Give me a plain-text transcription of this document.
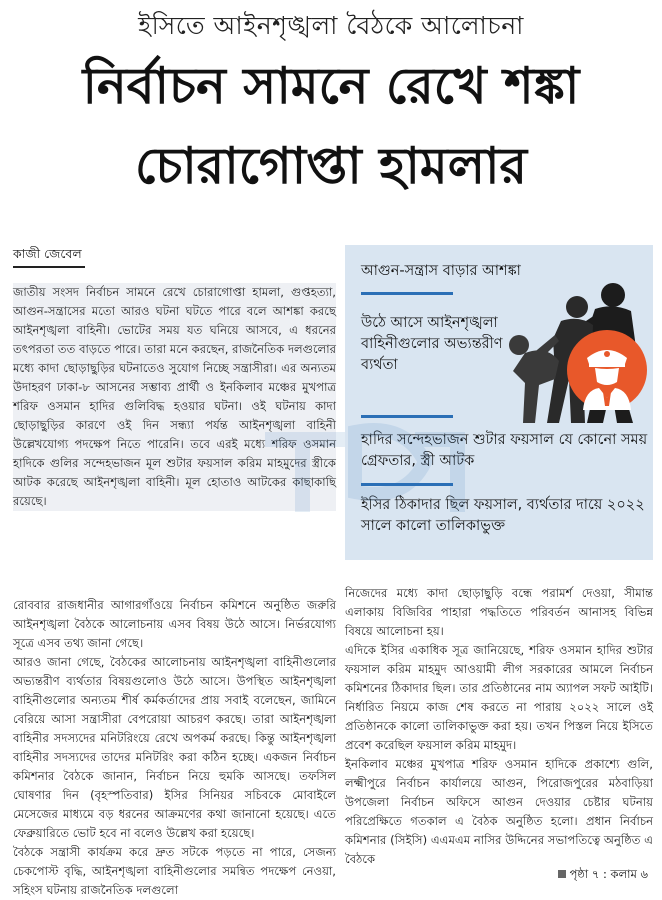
ইসিতে আইনশৃঙ্খলা বৈঠকে আলোচনা
নির্বাচন সামনে রেখে শঙ্কা
চোরাগোপ্তা হামলার
কাজী জেবেল

জাতীয় সংসদ নির্বাচন সামনে রেখে চোরাগোপ্তা হামলা, গুপ্তহত্যা, আগুন-সন্ত্রাসের মতো আরও ঘটনা ঘটতে পারে বলে আশঙ্কা করছে আইনশৃঙ্খলা বাহিনী। ভোটের সময় যত ঘনিয়ে আসবে, এ ধরনের তৎপরতা তত বাড়তে পারে। তারা মনে করছেন, রাজনৈতিক দলগুলোর মধ্যে কাদা ছোড়াছুড়ির ঘটনাতেও সুযোগ নিচ্ছে সন্ত্রাসীরা। এর অন্যতম উদাহরণ ঢাকা-৮ আসনের সম্ভাব্য প্রার্থী ও ইনকিলাব মঞ্চের মুখপাত্র শরিফ ওসমান হাদির গুলিবিদ্ধ হওয়ার ঘটনা। ওই ঘটনায় কাদা ছোড়াছুড়ির কারণে ওই দিন সন্ধ্যা পর্যন্ত আইনশৃঙ্খলা বাহিনী উল্লেখযোগ্য পদক্ষেপ নিতে পারেনি। তবে এরই মধ্যে শরিফ ওসমান হাদিকে গুলির সন্দেহভাজন মূল শুটার ফয়সাল করিম মাহমুদের স্ত্রীকে আটক করেছে আইনশৃঙ্খলা বাহিনী। মূল হোতাও আটকের কাছাকাছি রয়েছে।

রোববার রাজধানীর আগারগাঁওয়ে নির্বাচন কমিশনে অনুষ্ঠিত জরুরি আইনশৃঙ্খলা বৈঠকে আলোচনায় এসব বিষয় উঠে আসে। নির্ভরযোগ্য সূত্রে এসব তথ্য জানা গেছে।

আরও জানা গেছে, বৈঠকের আলোচনায় আইনশৃঙ্খলা বাহিনীগুলোর অভ্যন্তরীণ ব্যর্থতার বিষয়গুলোও উঠে আসে। উপস্থিত আইনশৃঙ্খলা বাহিনীগুলোর অন্যতম শীর্ষ কর্মকর্তাদের প্রায় সবাই বলেছেন, জামিনে বেরিয়ে আসা সন্ত্রাসীরা বেপরোয়া আচরণ করছে। তারা আইনশৃঙ্খলা বাহিনীর সদস্যদের মনিটরিংয়ে রেখে অপকর্ম করছে। কিন্তু আইনশৃঙ্খলা বাহিনীর সদস্যদের তাদের মনিটরিং করা কঠিন হচ্ছে। একজন নির্বাচন কমিশনার বৈঠকে জানান, নির্বাচন নিয়ে হুমকি আসছে। তফসিল ঘোষণার দিন (বৃহস্পতিবার) ইসির সিনিয়র সচিবকে মোবাইলে মেসেজের মাধ্যমে বড় ধরনের আক্রমণের কথা জানানো হয়েছে। এতে ফেব্রুয়ারিতে ভোট হবে না বলেও উল্লেখ করা হয়েছে।

বৈঠকে সন্ত্রাসী কার্যক্রম করে দ্রুত সটকে পড়তে না পারে, সেজন্য চেকপোস্ট বৃদ্ধি, আইনশৃঙ্খলা বাহিনীগুলোর সমন্বিত পদক্ষেপ নেওয়া, সহিংস ঘটনায় রাজনৈতিক দলগুলো

নিজেদের মধ্যে কাদা ছোড়াছুড়ি বন্ধে পরামর্শ দেওয়া, সীমান্ত এলাকায় বিজিবির পাহারা পদ্ধতিতে পরিবর্তন আনাসহ বিভিন্ন বিষয়ে আলোচনা হয়।

এদিকে ইসির একাধিক সূত্র জানিয়েছে, শরিফ ওসমান হাদির শুটার ফয়সাল করিম মাহমুদ আওয়ামী লীগ সরকারের আমলে নির্বাচন কমিশনের ঠিকাদার ছিল। তার প্রতিষ্ঠানের নাম অ্যাপল সফট আইটি। নির্ধারিত নিয়মে কাজ শেষ করতে না পারায় ২০২২ সালে ওই প্রতিষ্ঠানকে কালো তালিকাভুক্ত করা হয়। তখন পিস্তল নিয়ে ইসিতে প্রবেশ করেছিল ফয়সাল করিম মাহমুদ।

ইনকিলাব মঞ্চের মুখপাত্র শরিফ ওসমান হাদিকে প্রকাশ্যে গুলি, লক্ষ্মীপুরে নির্বাচন কার্যালয়ে আগুন, পিরোজপুরের মঠবাড়িয়া উপজেলা নির্বাচন অফিসে আগুন দেওয়ার চেষ্টার ঘটনায় পরিপ্রেক্ষিতে গতকাল এ বৈঠক অনুষ্ঠিত হলো। প্রধান নির্বাচন কমিশনার (সিইসি) এএমএম নাসির উদ্দিনের সভাপতিত্বে অনুষ্ঠিত এ বৈঠকে

আগুন-সন্ত্রাস বাড়ার আশঙ্কা
উঠে আসে আইনশৃঙ্খলা বাহিনীগুলোর অভ্যন্তরীণ ব্যর্থতা
হাদির সন্দেহভাজন শুটার ফয়সাল যে কোনো সময় গ্রেফতার, স্ত্রী আটক
ইসির ঠিকাদার ছিল ফয়সাল, ব্যর্থতার দায়ে ২০২২ সালে কালো তালিকাভুক্ত
পৃষ্ঠা ৭ : কলাম ৬
